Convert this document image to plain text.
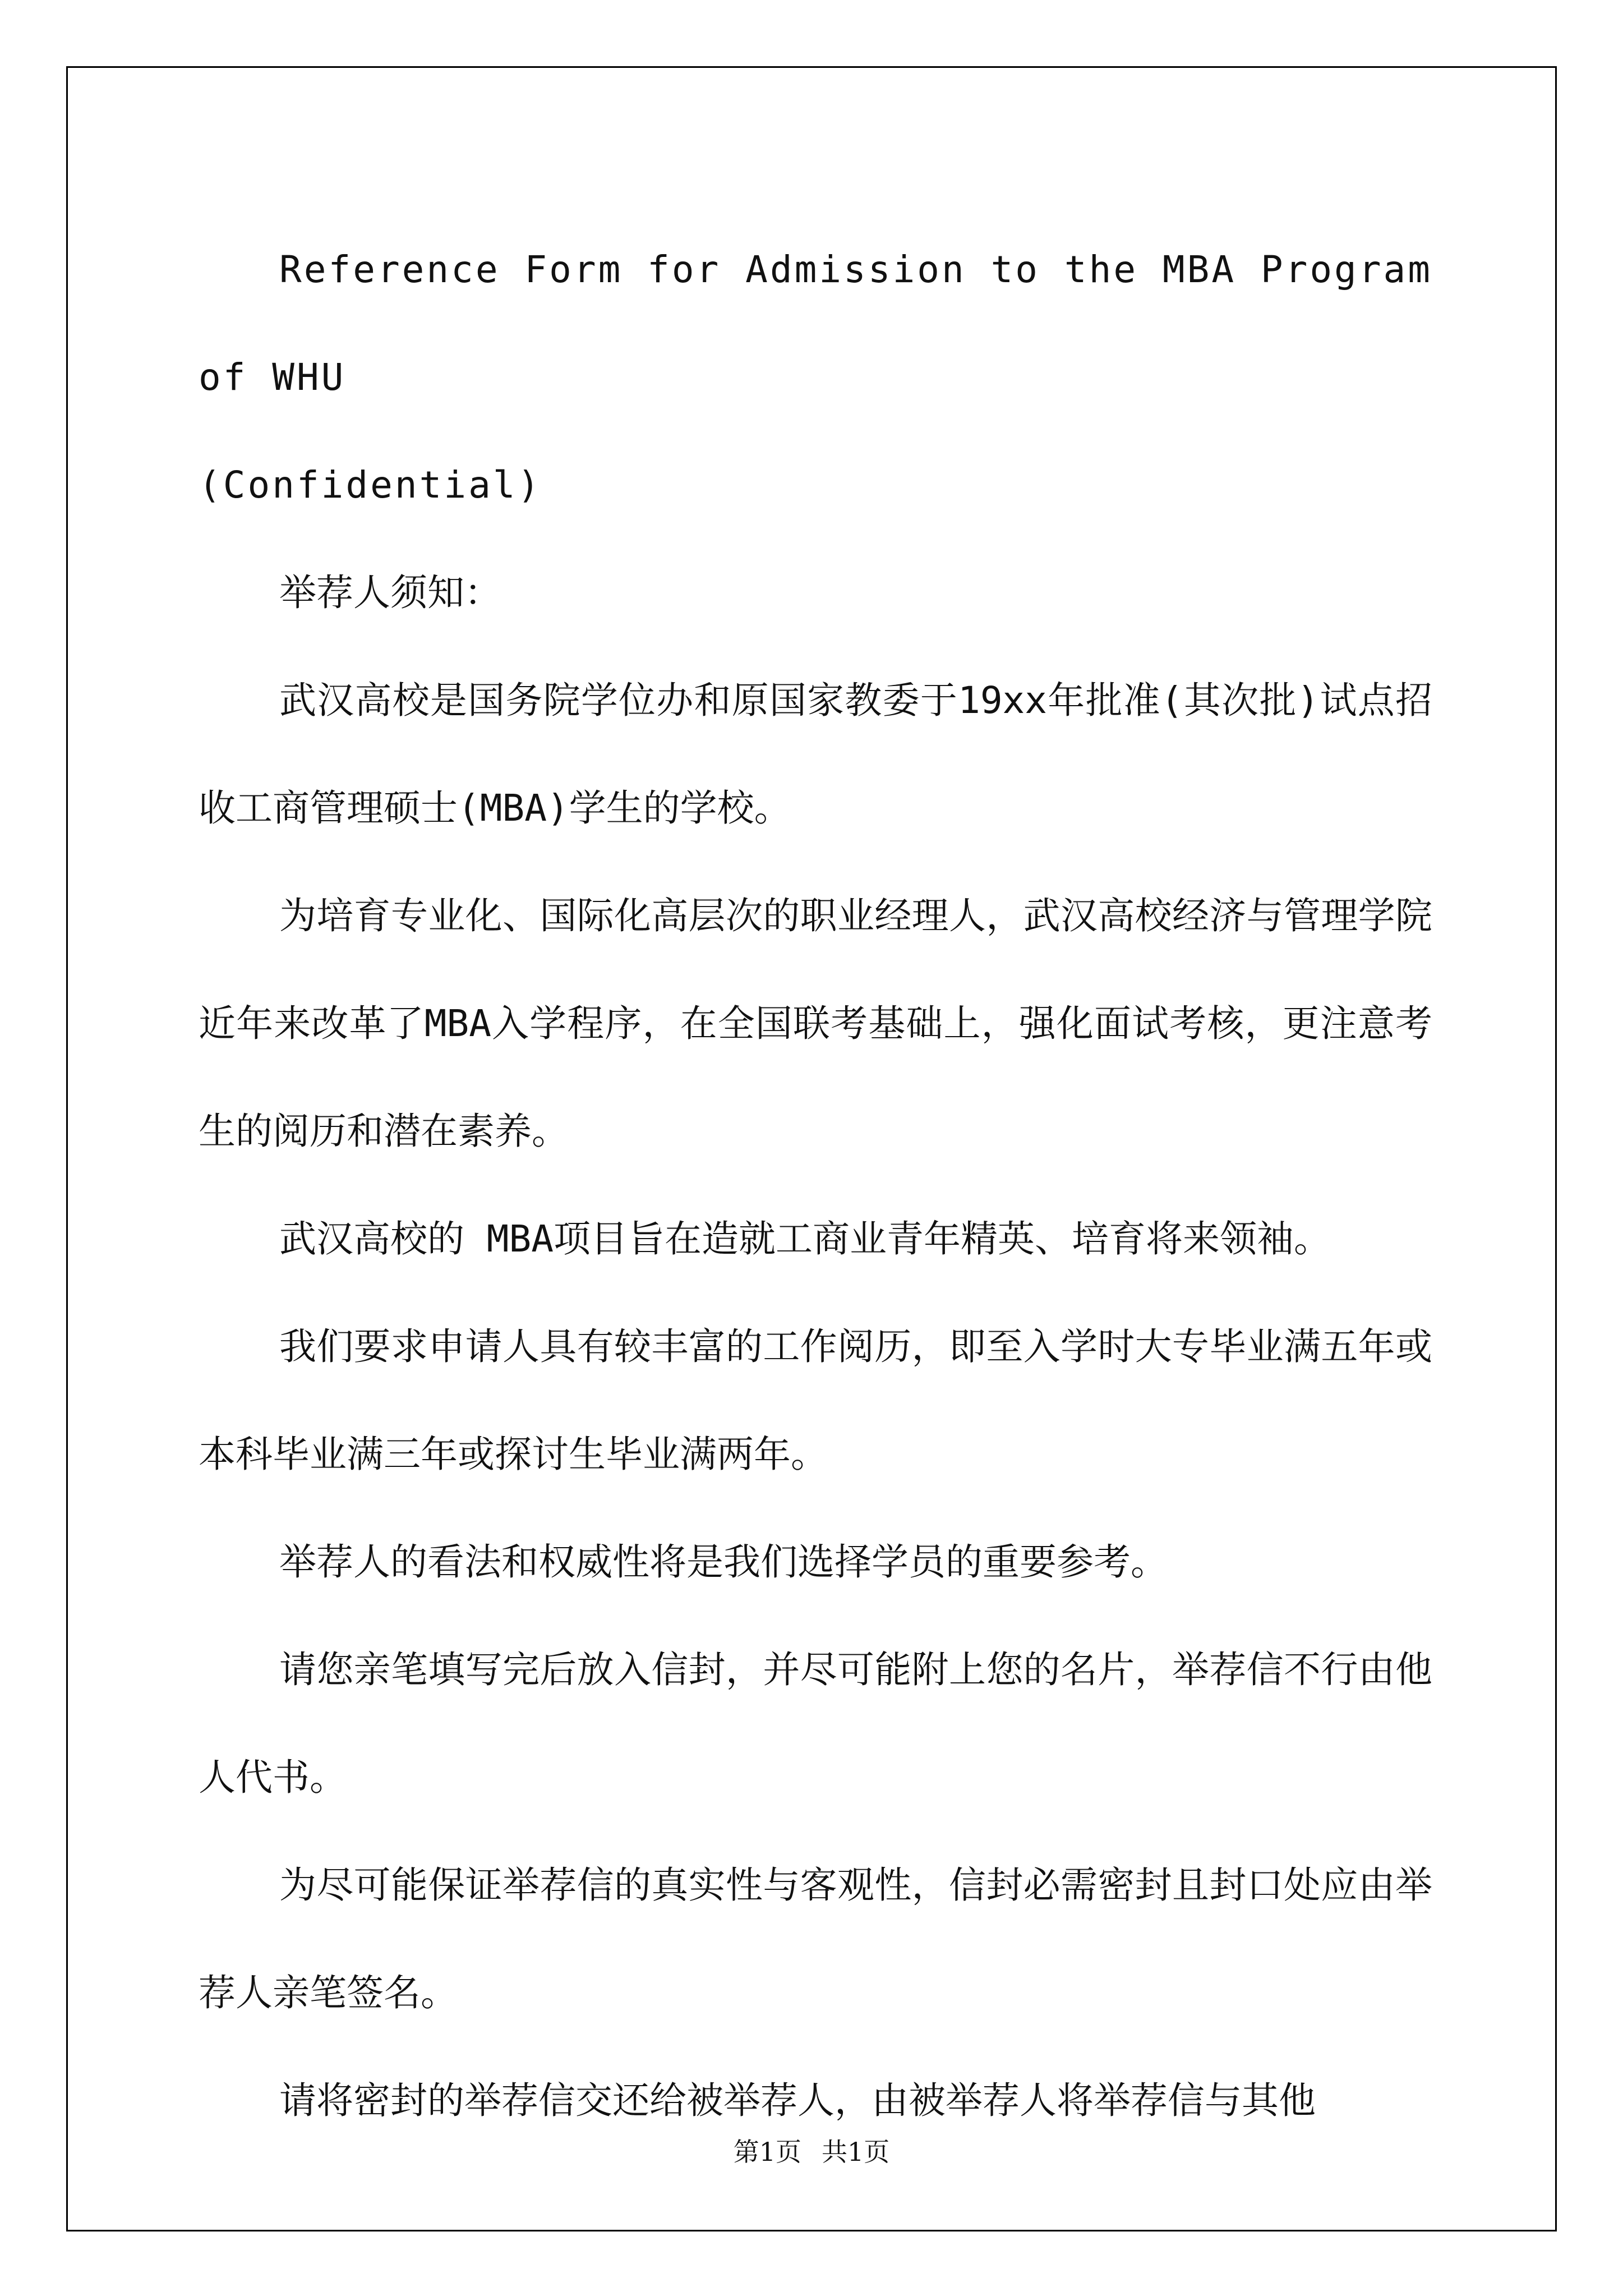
Reference Form for Admission to the MBA Program of WHU
(Confidential)

举荐人须知：

武汉高校是国务院学位办和原国家教委于19xx年批准(其次批)试点招收工商管理硕士(MBA)学生的学校。

为培育专业化、国际化高层次的职业经理人，武汉高校经济与管理学院近年来改革了MBA入学程序，在全国联考基础上，强化面试考核，更注意考生的阅历和潜在素养。

武汉高校的 MBA项目旨在造就工商业青年精英、培育将来领袖。

我们要求申请人具有较丰富的工作阅历，即至入学时大专毕业满五年或本科毕业满三年或探讨生毕业满两年。

举荐人的看法和权威性将是我们选择学员的重要参考。

请您亲笔填写完后放入信封，并尽可能附上您的名片，举荐信不行由他人代书。

为尽可能保证举荐信的真实性与客观性，信封必需密封且封口处应由举荐人亲笔签名。

请将密封的举荐信交还给被举荐人，由被举荐人将举荐信与其他

第1页 共1页
